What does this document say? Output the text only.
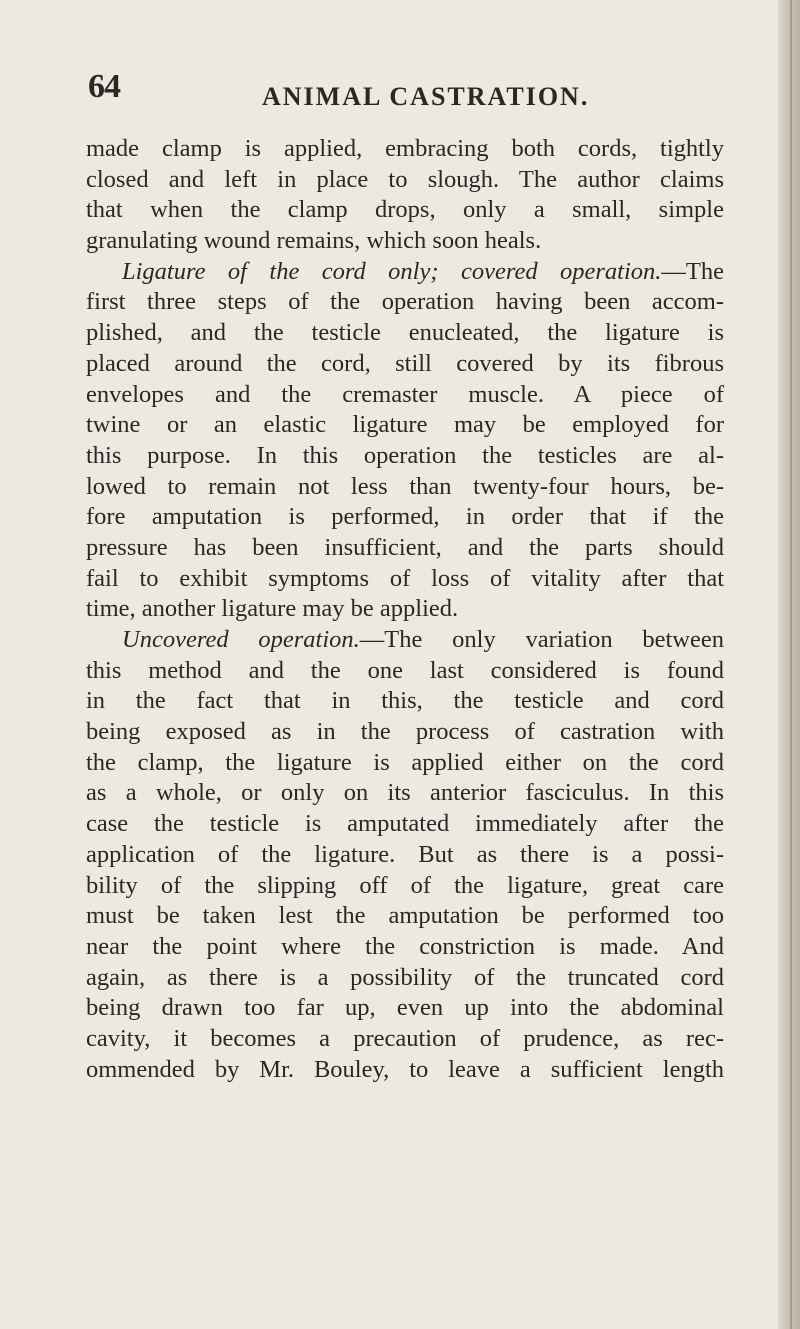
64	ANIMAL CASTRATION.
made clamp is applied, embracing both cords, tightly
closed and left in place to slough. The author claims
that when the clamp drops, only a small, simple
granulating wound remains, which soon heals.
Ligature of the cord only; covered operation.—The
first three steps of the operation having been accom-
plished, and the testicle enucleated, the ligature is
placed around the cord, still covered by its fibrous
envelopes and the cremaster muscle. A piece of
twine or an elastic ligature may be employed for
this purpose. In this operation the testicles are al-
lowed to remain not less than twenty-four hours, be-
fore amputation is performed, in order that if the
pressure has been insufficient, and the parts should
fail to exhibit symptoms of loss of vitality after that
time, another ligature may be applied.
Uncovered operation.—The only variation between
this method and the one last considered is found
in the fact that in this, the testicle and cord
being exposed as in the process of castration with
the clamp, the ligature is applied either on the cord
as a whole, or only on its anterior fasciculus. In this
case the testicle is amputated immediately after the
application of the ligature. But as there is a possi-
bility of the slipping off of the ligature, great care
must be taken lest the amputation be performed too
near the point where the constriction is made. And
again, as there is a possibility of the truncated cord
being drawn too far up, even up into the abdominal
cavity, it becomes a precaution of prudence, as rec-
ommended by Mr. Bouley, to leave a sufficient length
